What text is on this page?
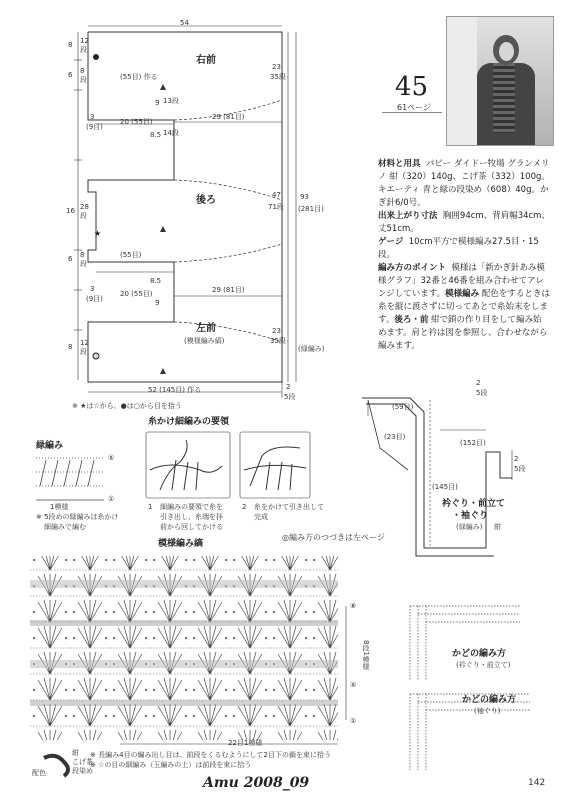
★
☆
54
右前
後ろ
左前
(模様編み縞)
8 12
段
6 8
段
16 28
段
6 8
段
8 12
段
(55目) 作る
(55目)
52 (145目) 作る
20 (55目)
20 (55目)
29 (81目)
29 (81目)
3
(9目)
3
(9目)
9
9
8.5
8.5
13段
14段
23
35段
47
71段
23
35段
93
(281目)
(緑編み)
2
5段
※ ★は☆から、●は○から目を拾う
45
61ページ

材料と用具 パピー ダイドー牧場 グランメリノ 紺（320）140g、こげ茶（332）100g。キエーティ 青と緑の段染め（608）40g。かぎ針6/0号。

出来上がり寸法 胸囲94cm、背肩幅34cm、丈51cm。

ゲージ 10cm平方で模様編み27.5目・15段。

編み方のポイント 模様は「新かぎ針あみ模様グラフ」32番と46番を組み合わせてアレンジしています。模様編み 配色をするときは糸を縦に渡さずに切ってあとで糸始末をします。後ろ・前 紺で鎖の作り目をして編み始めます。肩と衿は図を参照し、合わせながら編みます。

(59目)
(23目)
2
5段
(152目)
(145目)
2
5段
衿ぐり・前立て
・袖ぐり
(緑編み) 紺
緑編み
⑤
①
1模様
※ 5段めの緑編みは糸かけ
細編みで編む
糸かけ細編みの要領
1 細編みの要領で糸を
引き出し、糸端を拝
前から回してかける
2 糸をかけて引き出して
完成
◎編み方のつづきは左ページ
模様編み縞
⑧
⑤
①
8段1模様
22目1模様
※ 長編み4目の編み出し目は、前段をくるむようにして2目下の鎖を束に拾う
※ ☆の目の細編み（玉編みの上）は前段を束に拾う
配色
紺
こげ茶
段染め
かどの編み方
(衿ぐり・前立て)
かどの編み方
(袖ぐり)
Amu 2008_09	142
